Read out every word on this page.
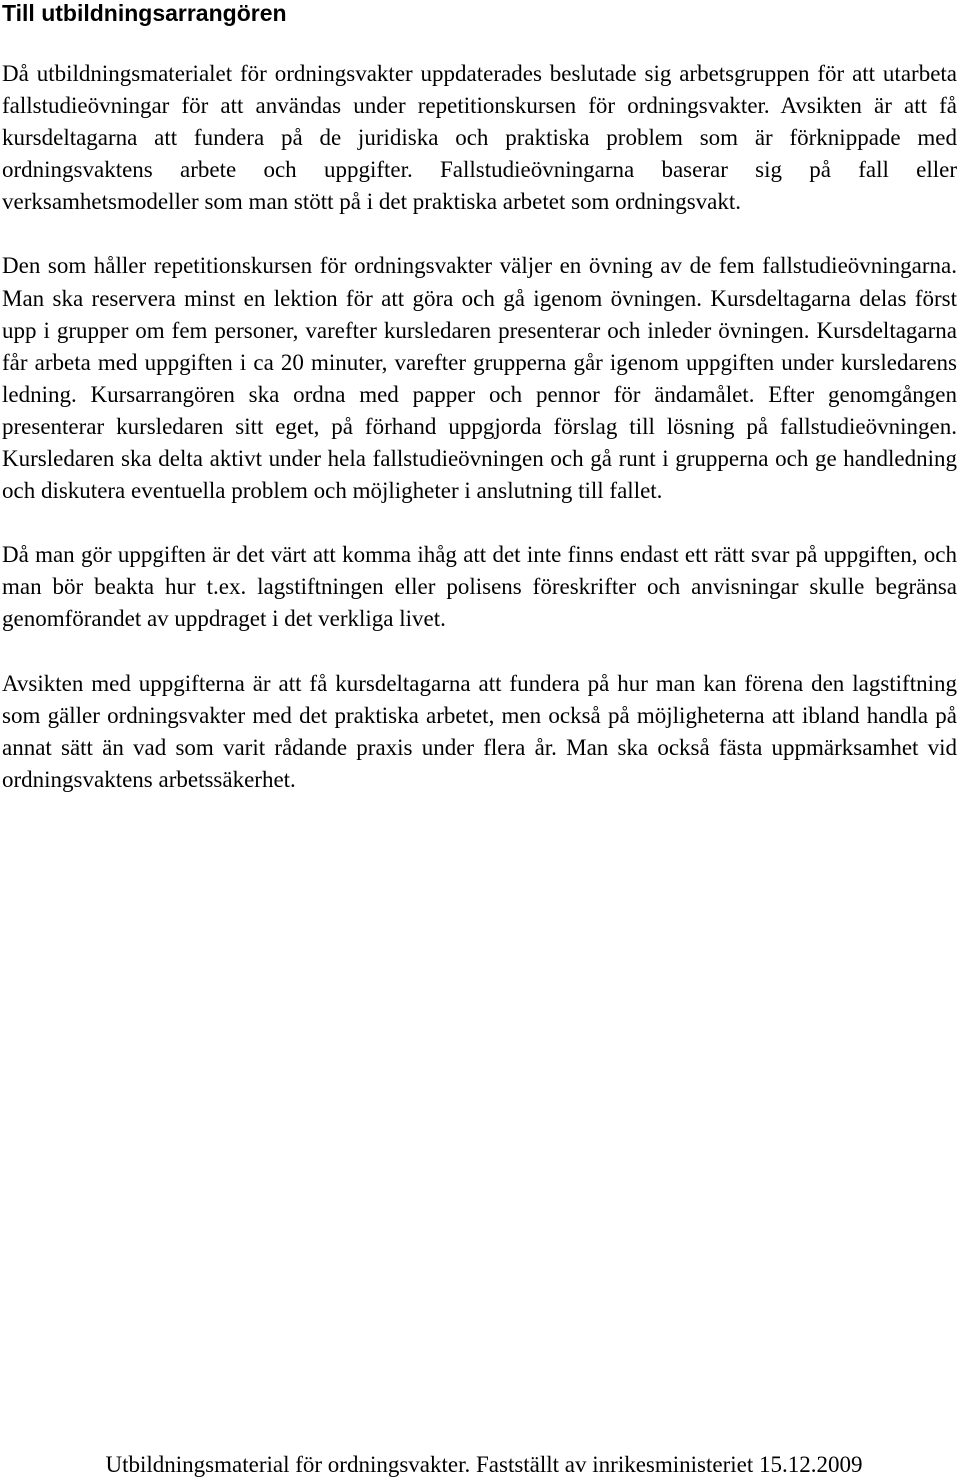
Till utbildningsarrangören

Då utbildningsmaterialet för ordningsvakter uppdaterades beslutade sig arbetsgruppen för att utarbeta fallstudieövningar för att användas under repetitionskursen för ordningsvakter. Avsikten är att få kursdeltagarna att fundera på de juridiska och praktiska problem som är förknippade med ordningsvaktens arbete och uppgifter. Fallstudieövningarna baserar sig på fall eller verksamhetsmodeller som man stött på i det praktiska arbetet som ordningsvakt.

Den som håller repetitionskursen för ordningsvakter väljer en övning av de fem fallstudieövningarna. Man ska reservera minst en lektion för att göra och gå igenom övningen. Kursdeltagarna delas först upp i grupper om fem personer, varefter kursledaren presenterar och inleder övningen. Kursdeltagarna får arbeta med uppgiften i ca 20 minuter, varefter grupperna går igenom uppgiften under kursledarens ledning. Kursarrangören ska ordna med papper och pennor för ändamålet. Efter genomgången presenterar kursledaren sitt eget, på förhand uppgjorda förslag till lösning på fallstudieövningen. Kursledaren ska delta aktivt under hela fallstudieövningen och gå runt i grupperna och ge handledning och diskutera eventuella problem och möjligheter i anslutning till fallet.

Då man gör uppgiften är det värt att komma ihåg att det inte finns endast ett rätt svar på uppgiften, och man bör beakta hur t.ex. lagstiftningen eller polisens föreskrifter och anvisningar skulle begränsa genomförandet av uppdraget i det verkliga livet.

Avsikten med uppgifterna är att få kursdeltagarna att fundera på hur man kan förena den lagstiftning som gäller ordningsvakter med det praktiska arbetet, men också på möjligheterna att ibland handla på annat sätt än vad som varit rådande praxis under flera år. Man ska också fästa uppmärksamhet vid ordningsvaktens arbetssäkerhet.

Utbildningsmaterial för ordningsvakter. Fastställt av inrikesministeriet 15.12.2009
